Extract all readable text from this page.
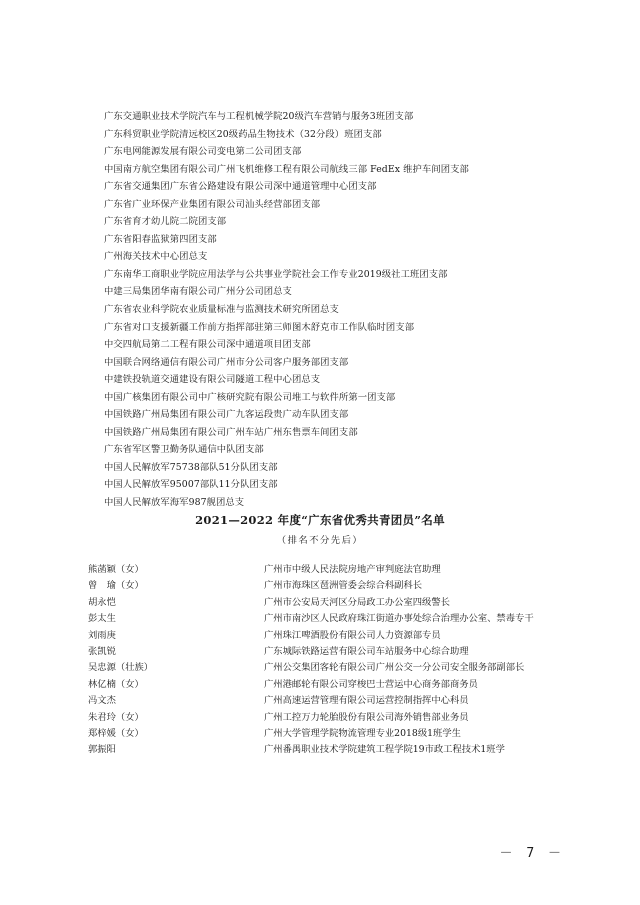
广东交通职业技术学院汽车与工程机械学院20级汽车营销与服务3班团支部
广东科贸职业学院清远校区20级药品生物技术（32分段）班团支部
广东电网能源发展有限公司变电第二公司团支部
中国南方航空集团有限公司广州飞机维修工程有限公司航线三部 FedEx 维护车间团支部
广东省交通集团广东省公路建设有限公司深中通道管理中心团支部
广东省广业环保产业集团有限公司汕头经营部团支部
广东省育才幼儿院二院团支部
广东省阳春监狱第四团支部
广州海关技术中心团总支
广东南华工商职业学院应用法学与公共事业学院社会工作专业2019级社工班团支部
中建三局集团华南有限公司广州分公司团总支
广东省农业科学院农业质量标准与监测技术研究所团总支
广东省对口支援新疆工作前方指挥部驻第三师图木舒克市工作队临时团支部
中交四航局第二工程有限公司深中通道项目团支部
中国联合网络通信有限公司广州市分公司客户服务部团支部
中建铁投轨道交通建设有限公司隧道工程中心团总支
中国广核集团有限公司中广核研究院有限公司堆工与软件所第一团支部
中国铁路广州局集团有限公司广九客运段贵广动车队团支部
中国铁路广州局集团有限公司广州车站广州东售票车间团支部
广东省军区警卫勤务队通信中队团支部
中国人民解放军75738部队51分队团支部
中国人民解放军95007部队11分队团支部
中国人民解放军海军987舰团总支
2021—2022 年度“广东省优秀共青团员”名单
（排名不分先后）
熊菡颖（女）	广州市中级人民法院房地产审判庭法官助理
曾　瑜（女）	广州市海珠区琶洲管委会综合科副科长
胡永恺	广州市公安局天河区分局政工办公室四级警长
彭太生	广州市南沙区人民政府珠江街道办事处综合治理办公室、禁毒专干
刘雨庚	广州珠江啤酒股份有限公司人力资源部专员
张凯锐	广东城际铁路运营有限公司车站服务中心综合助理
吴忠源（壮族）	广州公交集团客轮有限公司广州公交一分公司安全服务部副部长
林亿楠（女）	广州港邮轮有限公司穿梭巴士营运中心商务部商务员
冯文杰	广州高速运营管理有限公司运营控制指挥中心科员
朱君玲（女）	广州工控万力轮胎股份有限公司海外销售部业务员
郑梓媛（女）	广州大学管理学院物流管理专业2018级1班学生
郭振阳	广州番禺职业技术学院建筑工程学院19市政工程技术1班学
－ 7 －
